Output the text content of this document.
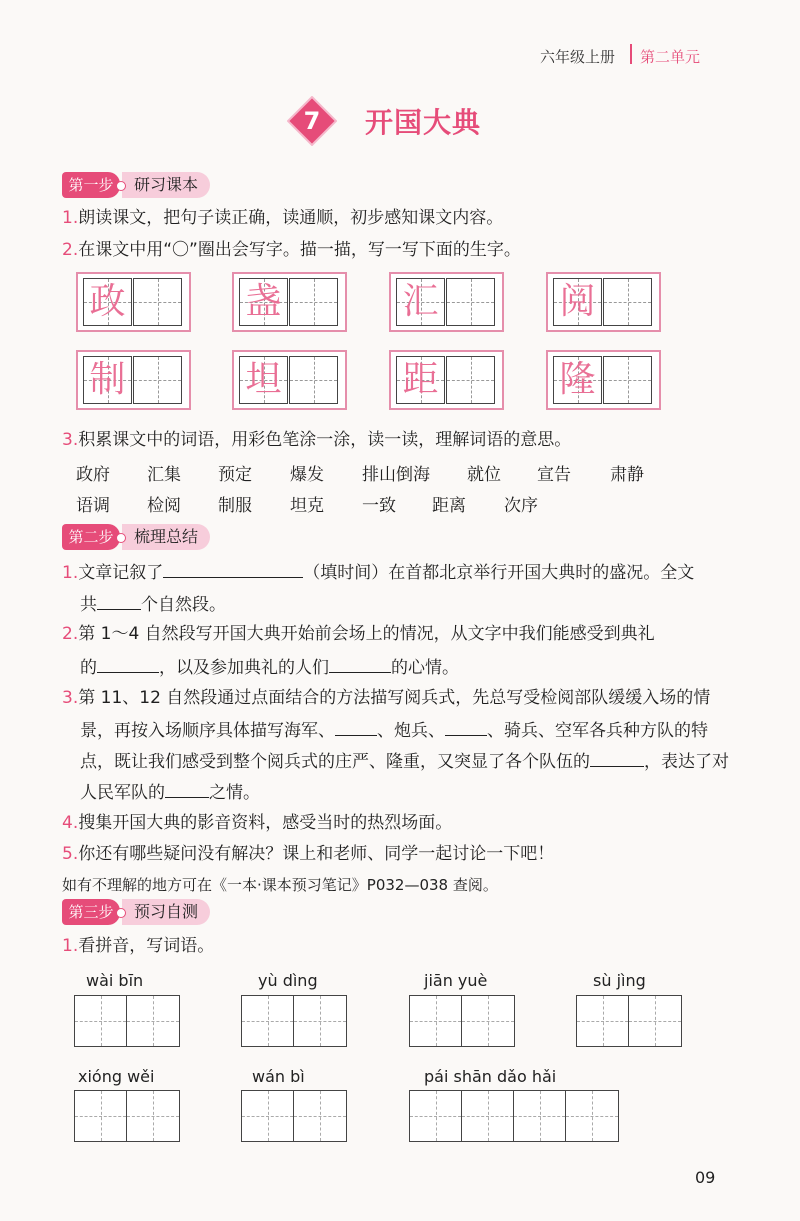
六年级上册 第二单元
7 开国大典
第一步	研习课本
1.朗读课文，把句子读正确，读通顺，初步感知课文内容。
2.在课文中用“〇”圈出会写字。描一描，写一写下面的生字。
政	盏	汇	阅
制	坦	距	隆
3.积累课文中的词语，用彩色笔涂一涂，读一读，理解词语的意思。
政府 汇集 预定 爆发 排山倒海 就位 宣告 肃静
语调 检阅 制服 坦克 一致 距离 次序
第二步	梳理总结
1.文章记叙了	（填时间）在首都北京举行开国大典时的盛况。全文
共	个自然段。
2.第 1～4 自然段写开国大典开始前会场上的情况，从文字中我们能感受到典礼
的	，以及参加典礼的人们	的心情。
3.第 11、12 自然段通过点面结合的方法描写阅兵式，先总写受检阅部队缓缓入场的情
景，再按入场顺序具体描写海军、 、炮兵、 、骑兵、空军各兵种方队的特
点，既让我们感受到整个阅兵式的庄严、隆重，又突显了各个队伍的	，表达了对
人民军队的	之情。
4.搜集开国大典的影音资料，感受当时的热烈场面。
5.你还有哪些疑问没有解决？课上和老师、同学一起讨论一下吧！
如有不理解的地方可在《一本·课本预习笔记》P032—038 查阅。
第三步	预习自测
1.看拼音，写词语。
wài bīn	yù dìng	jiān yuè	sù jìng
xióng wěi	wán bì	pái shān dǎo hǎi
09
